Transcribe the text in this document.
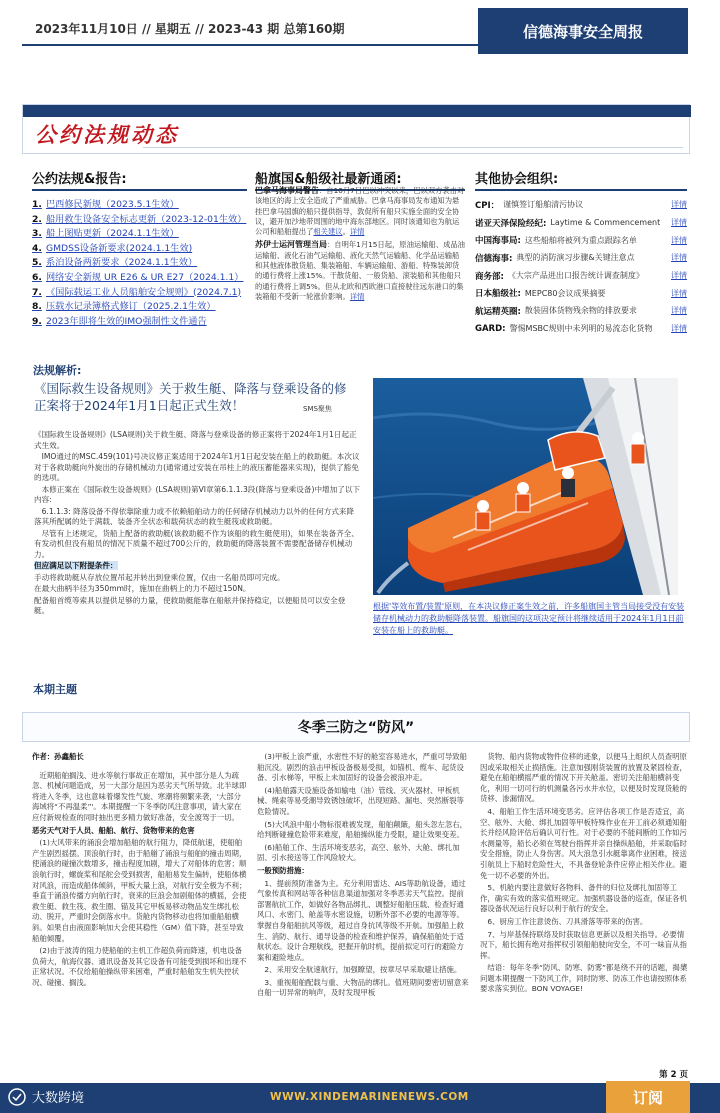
2023年11月10日 // 星期五 // 2023-43 期 总第160期	信德海事安全周报
公约法规动态
公约法规&报告:
1. 巴西修民新规（2023.5.1生效）
2. 船用救生设备安全标志更新（2023-12-01生效）
3. 船上图贴更新（2024.1.1生效）
4. GMDSS设备新要求(2024.1.1生效)
5. 系泊设备两新要求（2024.1.1生效）
6. 网络安全新规 UR E26 & UR E27（2024.1.1）
7. 《国际载运工业人员船舶安全规则》(2024.7.1)
8. 压载水记录簿格式修订（2025.2.1生效）
9. 2023年即将生效的IMO强制性文件通告
船旗国&船级社最新通函:

巴拿马海事局警告：自10月7日巴以冲突以来，巴以双方袭击对该地区的海上安全造成了严重威胁。巴拿马海事局发布通知为悬挂巴拿马国旗的船只提供指导，敦促所有船只实施全面的安全协议，避开加沙地带周围的地中海东部地区。同时该通知也为航运公司和船舶提出了相关建议。详情

苏伊士运河管理当局：自明年1月15日起，原油运输船、成品油运输船、液化石油气运输船、液化天然气运输船、化学品运输船和其他液体散货船、集装箱船、车辆运输船、游船、特殊装卸货的通行费将上涨15%。干散货船、一般货船、滚装船和其他船只的通行费将上调5%。但从北欧和西欧港口直接驶往远东港口的集装箱船不受新一轮涨价影响。详情

其他协会组织:
CPI： 谨慎签订船舶清污协议	详情
诺亚天泽保险经纪: Laytime & Commencement	详情
中国海事局: 这些船舶将被列为重点跟踪名单	详情
信德海事: 典型的消防演习步骤&关键注意点	详情
商务部: 《大宗产品进出口报告统计调查制度》	详情
日本船级社: MEPC80会议成果摘要	详情
航运精英圈: 散装固体货物残余物的排放要求	详情
GARD: 警惕MSBC规则中未列明的易流态化货物	详情
法规解析:
《国际救生设备规则》关于救生艇、降落与登乘设备的修正案将于2024年1月1日起正式生效！	SMS聚焦

《国际救生设备规则》(LSA规则)关于救生艇、降落与登乘设备的修正案将于2024年1月1日起正式生效。

IMO通过的MSC.459(101)号决议修正案适用于2024年1月1日起安装在船上的救助艇。本次议对于各救助艇向外旋出的存储机械动力(通常通过安装在吊柱上的液压蓄能器来实现)，提供了豁免的选项。

本修正案在《国际救生设备规则》(LSA规则)第VI章第6.1.1.3段(降落与登乘设备)中增加了以下内容:

6.1.1.3: 降落设备不得依靠除重力或不依赖船舶动力的任何储存机械动力以外的任何方式来降落其所配属的处于满载、装备齐全状态和载荷状态的救生艇筏或救助艇。

尽管有上述规定，货船上配备的救助艇(该救助艇不作为该船的救生艇使用)，如果在装备齐全、有发动机但没有船员的情况下质量不超过700公斤的，救助艇的降落装置不需要配备储存机械动力。

但应满足以下附提条件：

手动将救助艇从存放位置吊起并转出到登乘位置，仅由一名船员即可完成。

在最大曲柄半径为350mm时，施加在曲柄上的力不超过150N。

配备船首缆等索具以提供足够的力量，使救助艇能靠在船舷并保持稳定，以便船员可以安全登艇。	根据'等效布置/装置'原则，在本决议修正案生效之前，许多船旗国主管当局接受没有安装储存机械动力的救助艇降落装置。船旗国的这项决定预计将继续适用于2024年1月1日前安装在船上的救助艇。
本期主题
冬季三防之“防风”

作者：孙鑫船长

近期船舶搁浅、进水等航行事故正在增加，其中部分是人为疏忽、机械问题造成，另一大部分是因为恶劣天气所导致。北半球即将进入冬季，这也意味着爆发性气旋、寒潮将频繁来袭，'大部分海域将“不再温柔”'。本期提醒一下冬季防风注意事项，请大家在应付新规检查的同时抽出更多精力做好准备，安全渡驾于一切。

恶劣天气对于人员、船舶、航行、货物带来的危害

(1)大风带来的涌浪会增加船舶的航行阻力，降低航速，使船舶产生剧烈摇摆。顶浪航行时，由于船艏了涌浪与船舶的撞击周期，使涌浪的碰撞次数增多，撞击程度加剧，增大了对船体的危害；顺浪航行时，螺旋桨和尾舵会受到损害，船舶易发生偏转，使船体横对风浪，而造成船体倾斜，甲板大量上浪，对航行安全极为不利；垂直于涌浪传播方向航行时，衰来的巨浪会加剧船体的横摇，会使救生艇、救生筏、救生圈、锚及其它甲板易移动物品发生绑扎松动、脱开，严重时会倒落水中。货舱内货物移动也将加重船舶横斜。如果自由液面影响加大会使其稳性（GM）值下降，甚至导致船舶倾覆。

(2)由于波涛的阻力使船舶的主机工作超负荷而降速，机电设备负荷大，航海仪器、通讯设备及其它设备有可能受到损坏和出现不正常状况。不仅给船舶操纵带来困难，严重时船舶发生机失控状况、碰撞、搁浅。

(3)甲板上浪严重，水密性不好的舱室容易进水，严重可导致船舶沉没。剧烈的浪击甲板设备极易受损，如锚机、缆车、起货设备、引水梯等，甲板上未加固好的设备会被浪冲走。

(4)船舶露天设施设备如输电（油）管线、灭火器材、甲板机械、绳索等易受潮导致锈蚀破坏，出现短路、漏电、突然断裂等危险情况。

(5)大风浪中船小物标很难被发现，船舶颠簸，船头忽左忽右，给判断碰撞危险带来难度，船舶操纵能力受限，避让效果变差。

(6)船舶工作、生活环境变恶劣，高空、舷外、大舱、绑扎加固、引水接送等工作风险较大。

一般预防措施：

1、提前预防准备为主。充分利用雷达、AIS等助航设备，通过气象传真和网站等各种信息渠道加强对冬季恶劣天气监控。提前部署航抗工作，如做好各物品绑扎、调整好船舶压载、检查好通风口、水密门、舱盖等水密设施，切断外部不必要的电源等等。掌握自身船舶抗风等级，超过自身抗风等级不开航。加强船上救生、消防、航行、通导设备的检查和维护保养，确保船舶处于适航状态。设计合理航线，把握开航时机，提前拟定可行的避险方案和避险地点。

2、采用安全航速航行，加强瞭望，按章尽早采取避让措施。

3、重视船舶配载与重、大物品的绑扎。值班期间要密切留意来自船一切异常的响声，及时发现甲板

货物、船内货物或物件位移的迹象，以便马上组织人员查明原因或采取相关止损措施。注意加强刚货装置的放置及紧固检查，避免在船舶横摇严重的情况下开关舱盖。密切关注船舶横斜变化，利用一切可行的机测量各污水井水位，以便及时发现货舱的货移、渗漏情况。

4、船舶工作生活环境变恶劣。应评估各项工作是否适宜，高空、舷外、大舱、绑扎加固等甲板特殊作业在开工前必须通知船长并经风险评估后确认可行性。对于必要的不能间断的工作如污水测量等，船长必须在驾驶台指挥并亲自操纵船舶，并采取临时安全措施，防止人身伤害。风大浪急引水艇靠离作业困难，接送引航员上下船时危险性大，不具备登轮条件应停止相关作业。避免一切不必要的外出。

5、机舱内要注意做好各物料、备件的归位及绑扎加固等工作，确实有效的落实值班规定。加强机器设备的巡查，保证各机器设备状况运行良好以利于航行的安全。

6、厨房工作注意烫伤、刀具滑落等带来的伤害。

7、与岸基保持联络及时获取信息更新以及相关指导。必要情况下，船长拥有绝对指挥权引领船舶驶向安全，不可一味盲从指挥。

结语：每年冬季“防风、防寒、防雾”都是绕不开的话题，揭橥问题本期提醒一下防风工作，同时防寒、防冻工作也请按照体系要求落实到位。BON VOYAGE!

第 2 页
大数跨境	WWW.XINDEMARINENEWS.COM	订阅
